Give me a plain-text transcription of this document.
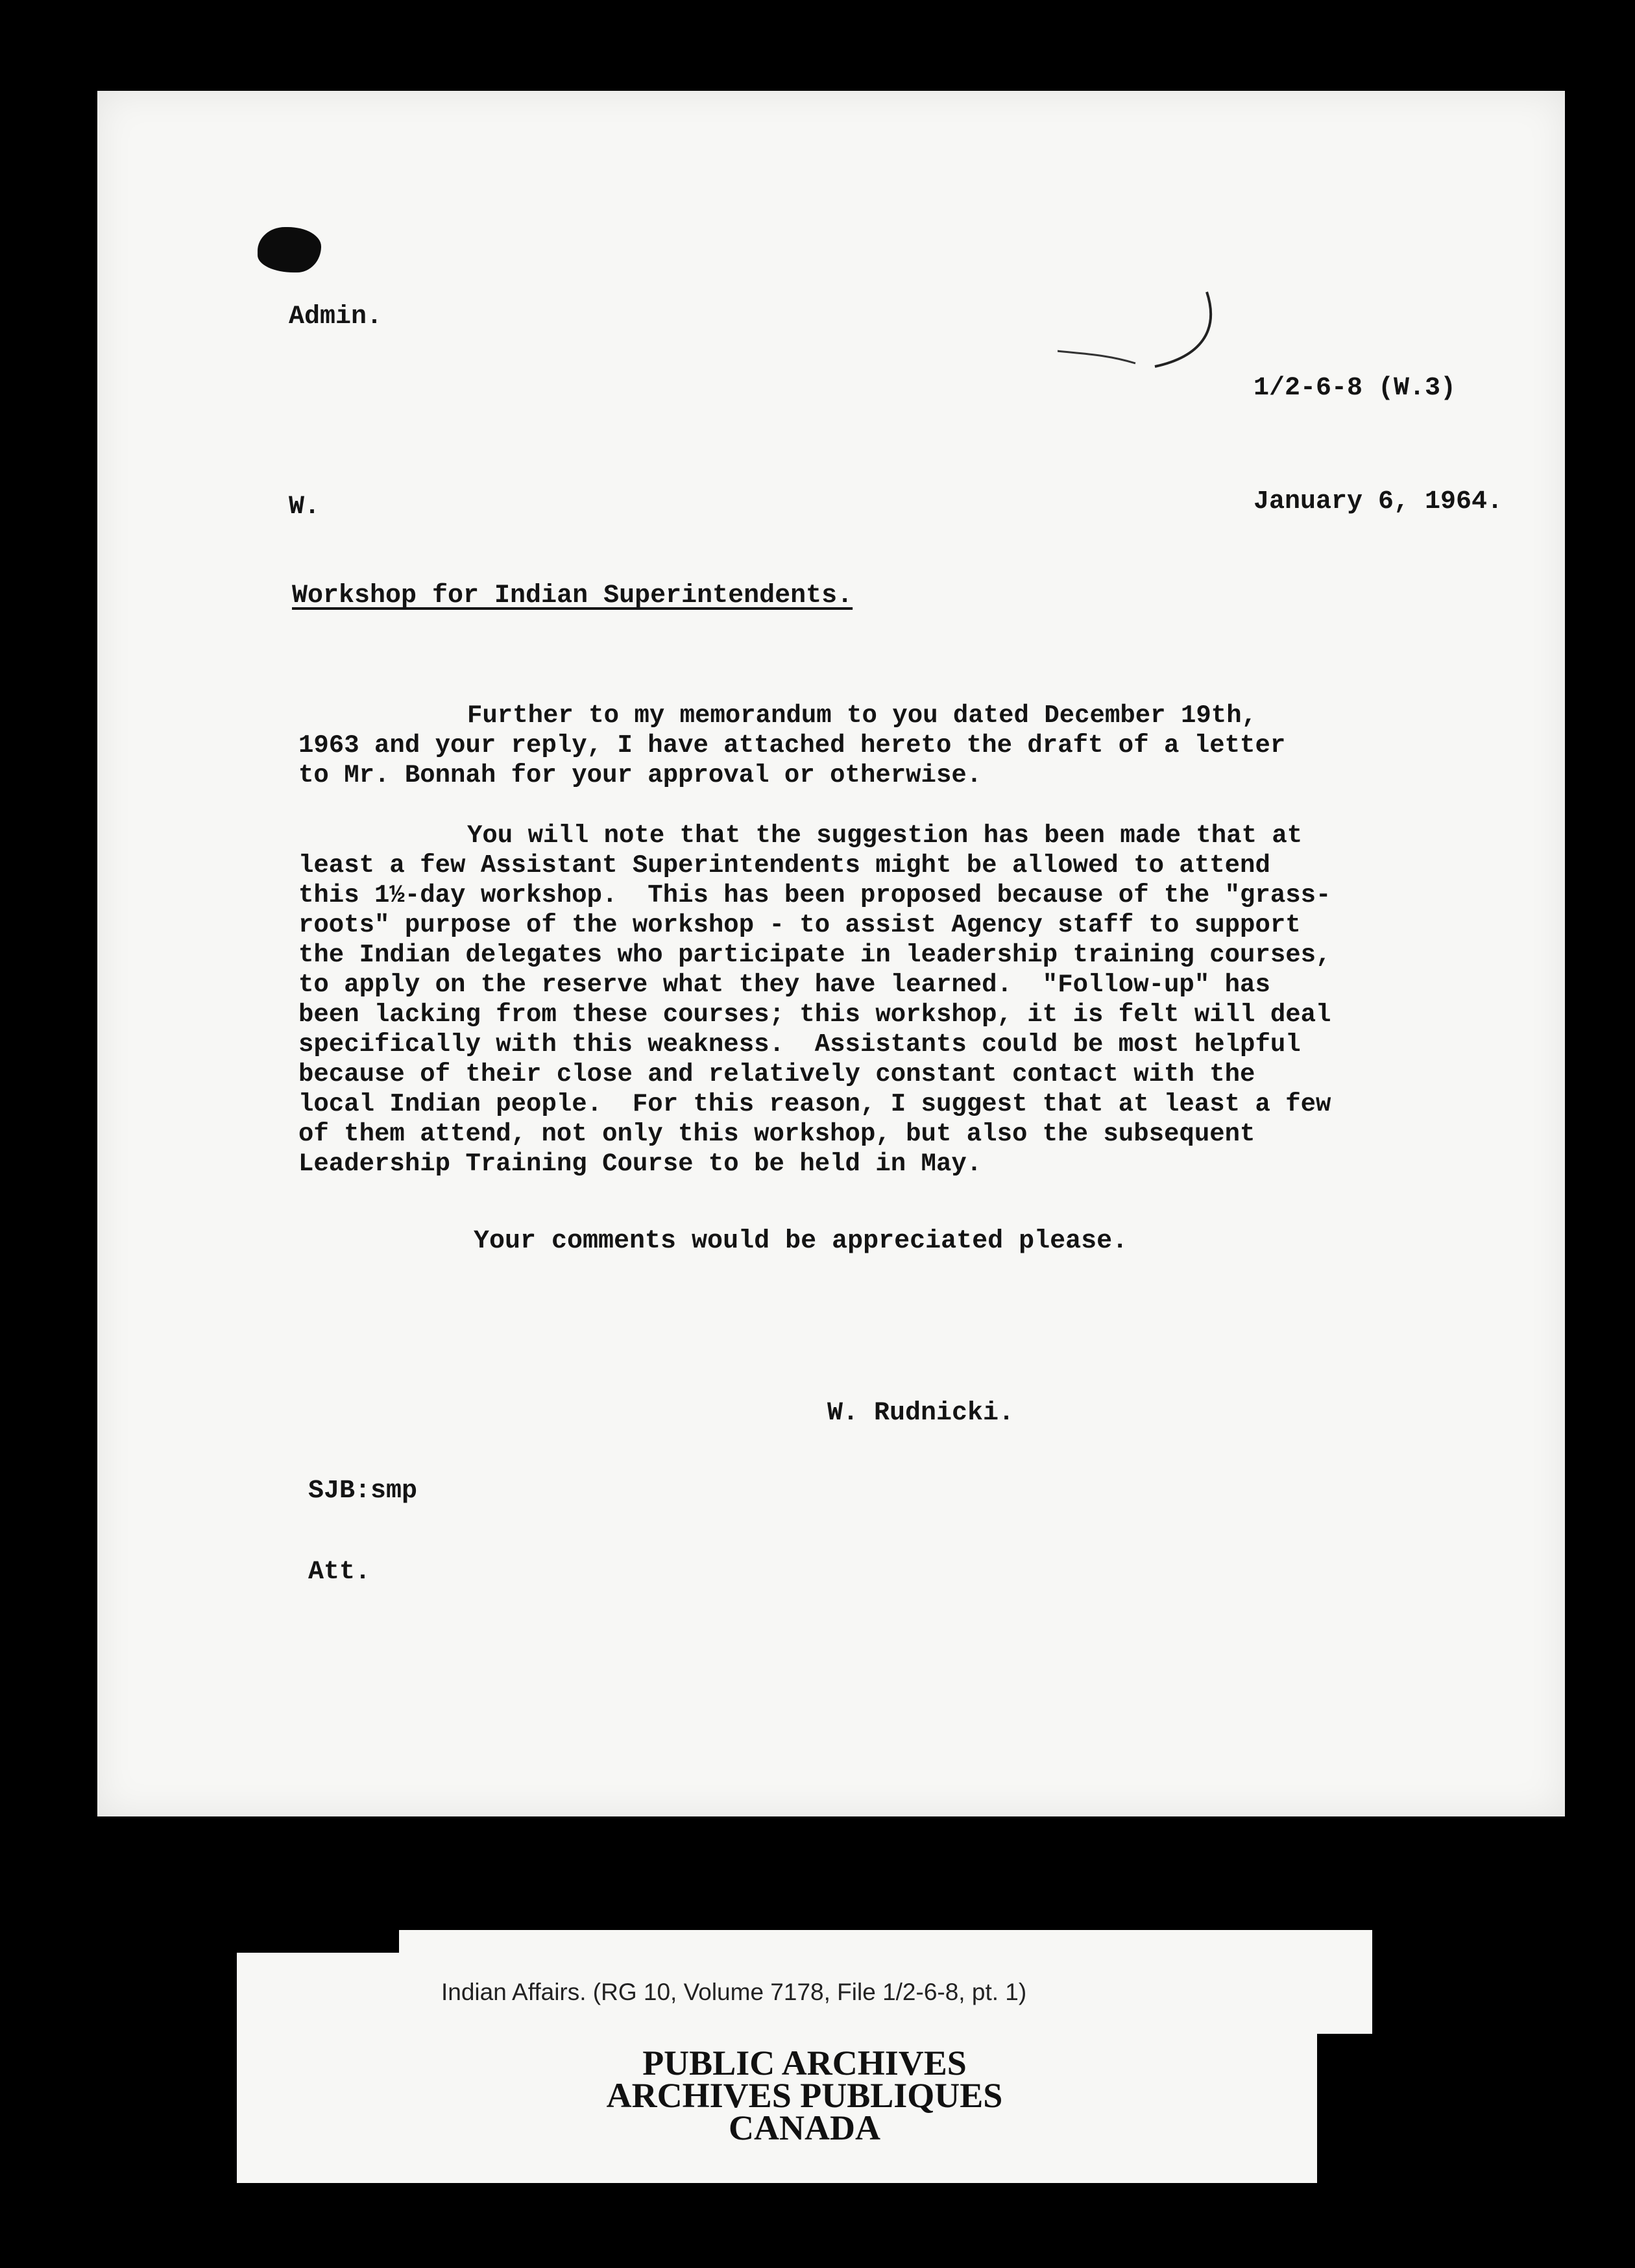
Admin.
1/2-6-8 (W.3)
W.	January 6, 1964.
Workshop for Indian Superintendents.
Further to my memorandum to you dated December 19th,
1963 and your reply, I have attached hereto the draft of a letter
to Mr. Bonnah for your approval or otherwise.
You will note that the suggestion has been made that at
least a few Assistant Superintendents might be allowed to attend
this 1½-day workshop.  This has been proposed because of the "grass-
roots" purpose of the workshop - to assist Agency staff to support
the Indian delegates who participate in leadership training courses,
to apply on the reserve what they have learned.  "Follow-up" has
been lacking from these courses; this workshop, it is felt will deal
specifically with this weakness.  Assistants could be most helpful
because of their close and relatively constant contact with the
local Indian people.  For this reason, I suggest that at least a few
of them attend, not only this workshop, but also the subsequent
Leadership Training Course to be held in May.
Your comments would be appreciated please.
W. Rudnicki.
SJB:smp
Att.
Indian Affairs. (RG 10, Volume 7178, File 1/2-6-8, pt. 1)
PUBLIC ARCHIVES
ARCHIVES PUBLIQUES
CANADA
